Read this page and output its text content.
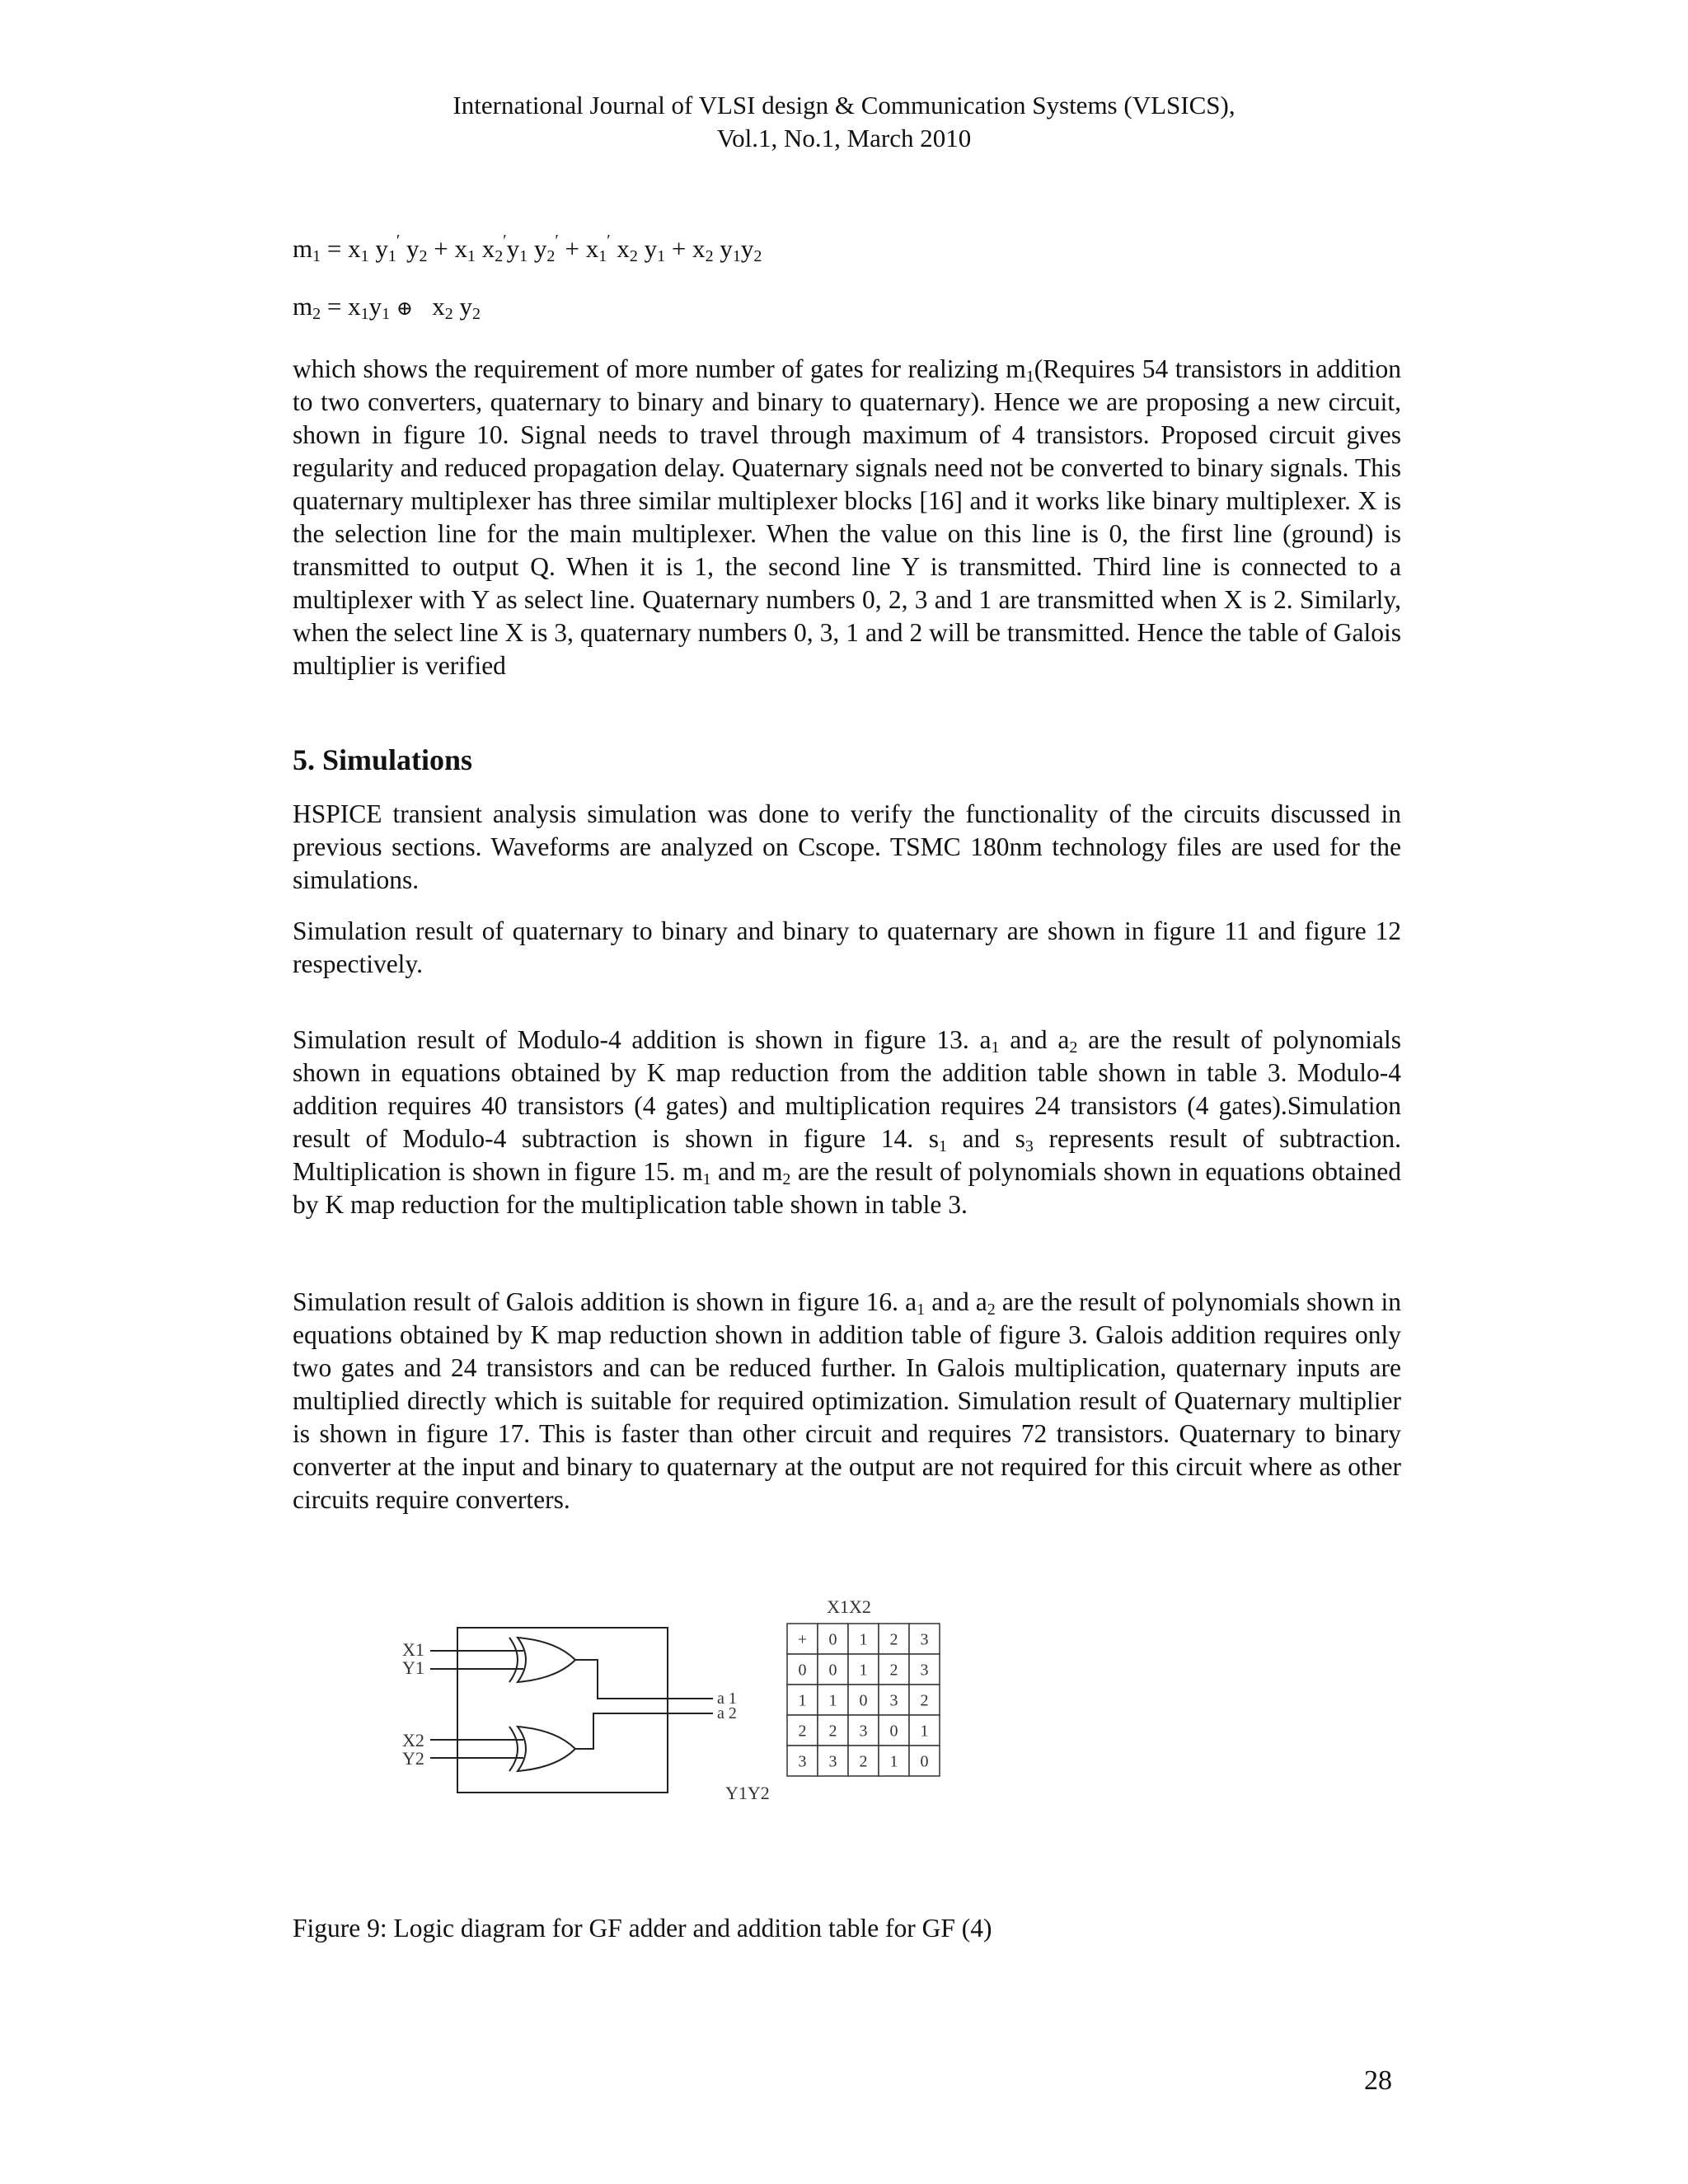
International Journal of VLSI design & Communication Systems (VLSICS),
Vol.1, No.1, March 2010
$m_1 = x_1$ $y_1'$ $y_2 + x_1$ $x_2'y_1$ $y_2' + x_1'$ $x_2$ $y_1 + x_2$ $y_1y_2$
$m_2 = x_1y_1$ ⊕   $x_2$ $y_2$

which shows the requirement of more number of gates for realizing $m_1(Requires$ 54 transistors in addition to two converters, quaternary to binary and binary to quaternary). Hence we are proposing a new circuit, shown in figure 10. Signal needs to travel through maximum of 4 transistors. Proposed circuit gives regularity and reduced propagation delay. Quaternary signals need not be converted to binary signals. This quaternary multiplexer has three similar multiplexer blocks [16] and it works like binary multiplexer. X is the selection line for the main multiplexer. When the value on this line is 0, the first line (ground) is transmitted to output Q. When it is 1, the second line Y is transmitted. Third line is connected to a multiplexer with Y as select line. Quaternary numbers 0, 2, 3 and 1 are transmitted when X is 2. Similarly, when the select line X is 3, quaternary numbers 0, 3, 1 and 2 will be transmitted. Hence the table of Galois multiplier is verified

5. Simulations

HSPICE transient analysis simulation was done to verify the functionality of the circuits discussed in previous sections. Waveforms are analyzed on Cscope. TSMC 180nm technology files are used for the simulations.

Simulation result of quaternary to binary and binary to quaternary are shown in figure 11 and figure 12 respectively.

Simulation result of Modulo-4 addition is shown in figure 13. $a_1$ and $a_2$ are the result of polynomials shown in equations obtained by K map reduction from the addition table shown in table 3. Modulo-4 addition requires 40 transistors (4 gates) and multiplication requires 24 transistors (4 gates).Simulation result of Modulo-4 subtraction is shown in figure 14. $s_1$ and $s_3$ represents result of subtraction. Multiplication is shown in figure 15. $m_1$ and $m_2$ are the result of polynomials shown in equations obtained by K map reduction for the multiplication table shown in table 3.

Simulation result of Galois addition is shown in figure 16. $a_1$ and $a_2$ are the result of polynomials shown in equations obtained by K map reduction shown in addition table of figure 3. Galois addition requires only two gates and 24 transistors and can be reduced further. In Galois multiplication, quaternary inputs are multiplied directly which is suitable for required optimization. Simulation result of Quaternary multiplier is shown in figure 17. This is faster than other circuit and requires 72 transistors. Quaternary to binary converter at the input and binary to quaternary at the output are not required for this circuit where as other circuits require converters.

X1
Y1
X2
Y2
a 1
a 2
X1X2
Y1Y2
+ 0 1 2 3
0 0 1 2 3
1 1 0 3 2
2 2 3 0 1
3 3 2 1 0
Figure 9: Logic diagram for GF adder and addition table for GF (4)
28
